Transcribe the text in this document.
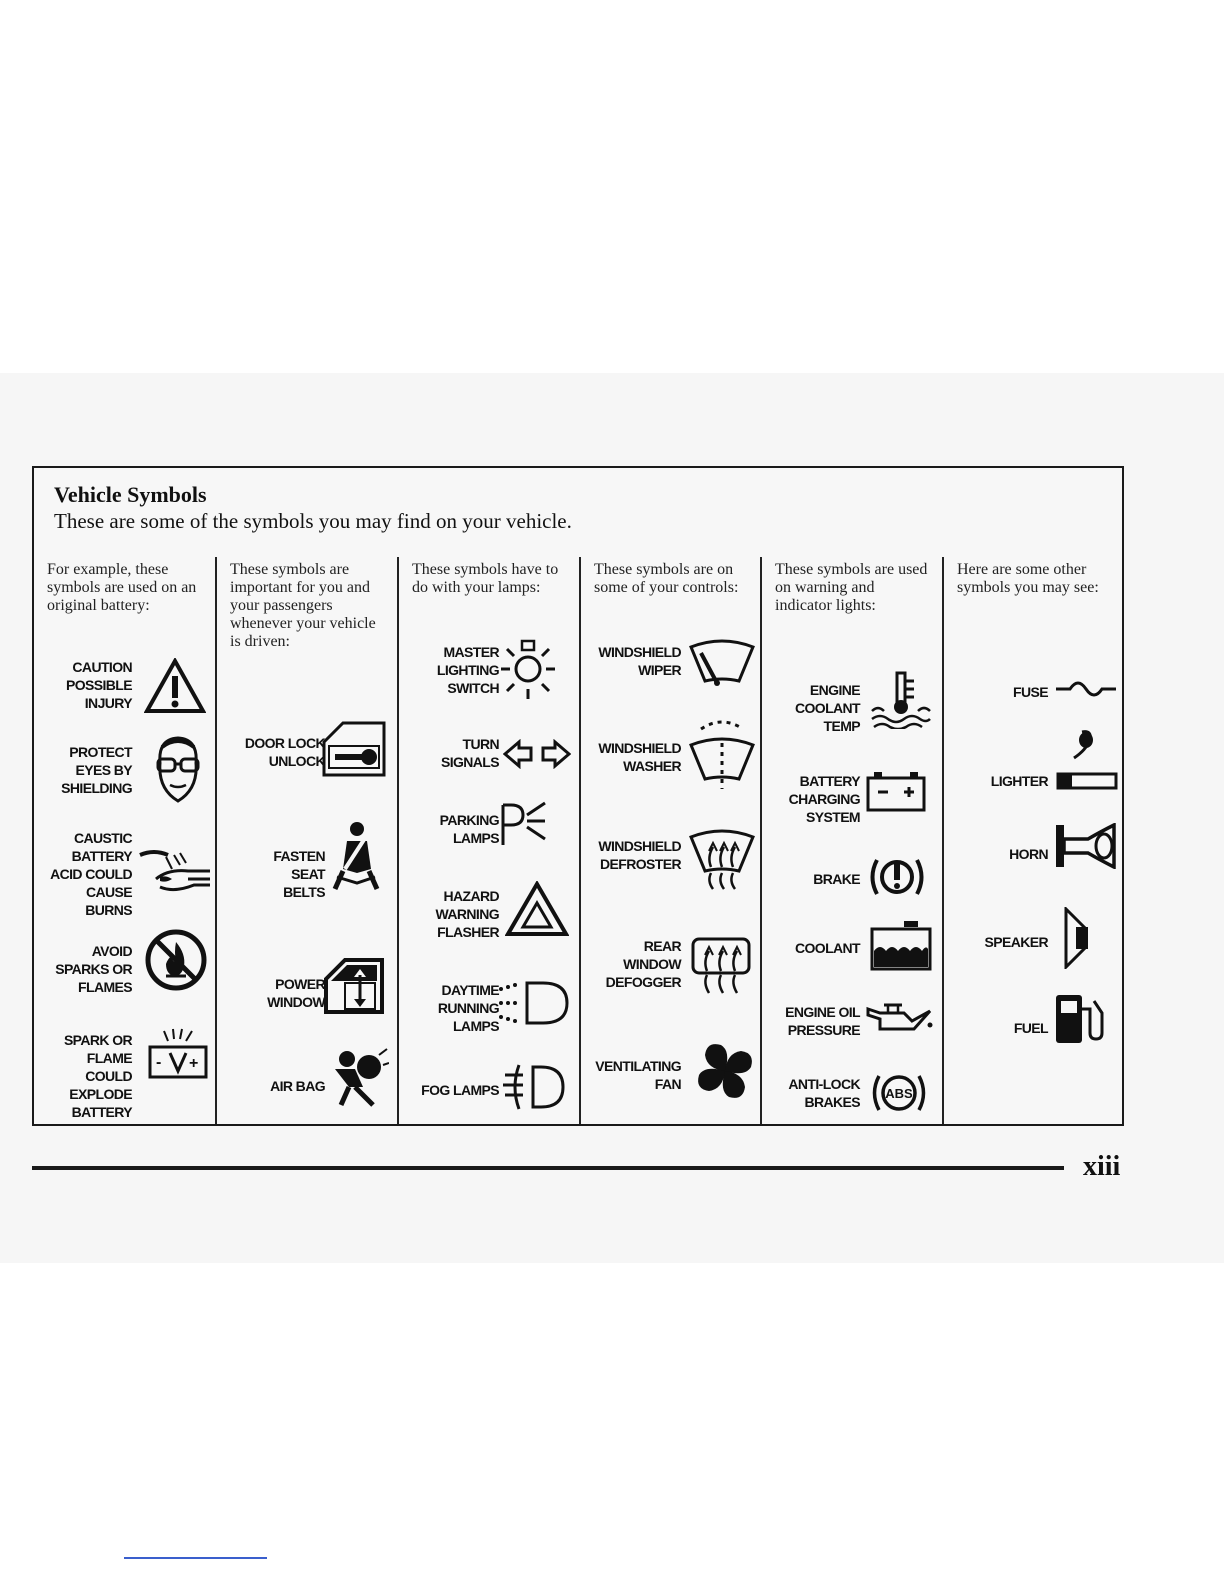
Vehicle Symbols
These are some of the symbols you may find on your vehicle.
For example, these symbols are used on an original battery:
CAUTION
POSSIBLE
INJURY
PROTECT
EYES BY
SHIELDING
CAUSTIC
BATTERY
ACID COULD
CAUSE
BURNS
AVOID
SPARKS OR
FLAMES
SPARK OR
FLAME
COULD
EXPLODE
BATTERY
- +
These symbols are important for you and your passengers whenever your vehicle is driven:
DOOR LOCK
UNLOCK
FASTEN
SEAT
BELTS
POWER
WINDOW
AIR BAG
These symbols have to do with your lamps:
MASTER
LIGHTING
SWITCH
TURN
SIGNALS
PARKING
LAMPS
HAZARD
WARNING
FLASHER
DAYTIME
RUNNING
LAMPS
FOG LAMPS
These symbols are on some of your controls:
WINDSHIELD
WIPER
WINDSHIELD
WASHER
WINDSHIELD
DEFROSTER
REAR
WINDOW
DEFOGGER
VENTILATING
FAN
These symbols are used on warning and indicator lights:
ENGINE
COOLANT
TEMP
BATTERY
CHARGING
SYSTEM
BRAKE
COOLANT
ENGINE OIL
PRESSURE
ANTI-LOCK
BRAKES
ABS
Here are some other symbols you may see:
FUSE
LIGHTER
HORN
SPEAKER
FUEL
xiii
